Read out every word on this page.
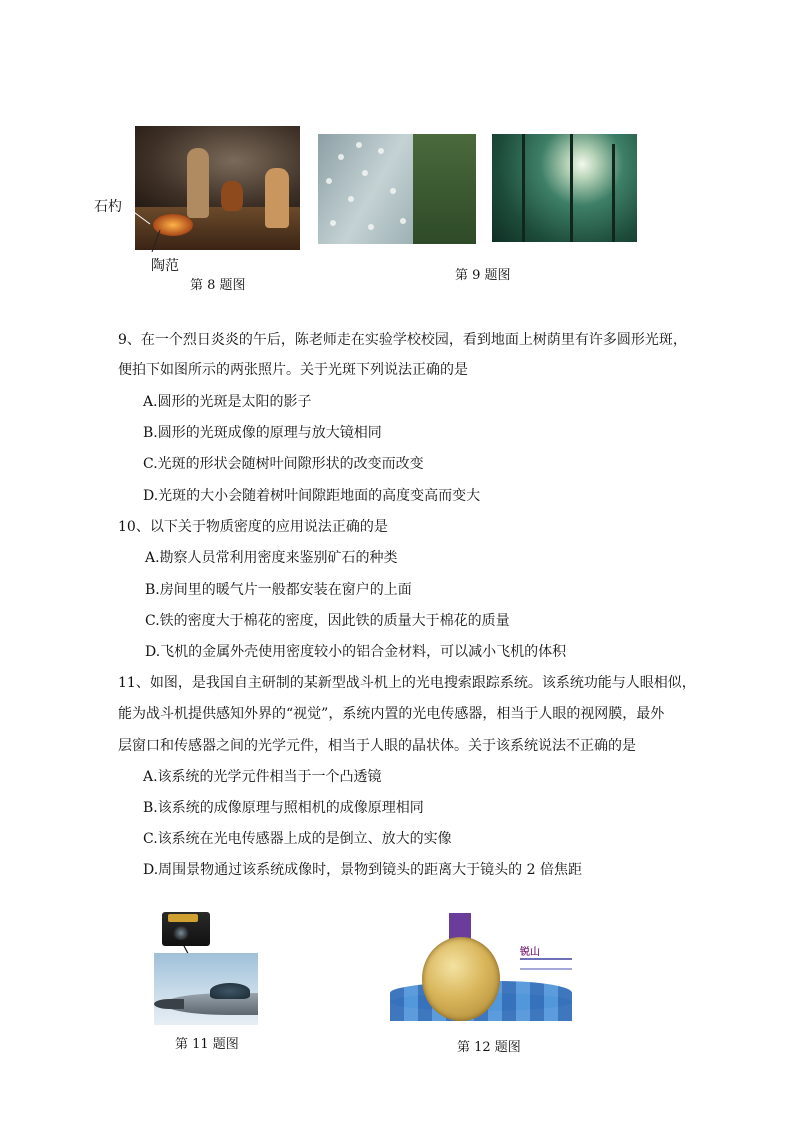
石杓
陶范
第 8 题图
第 9 题图
9、在一个烈日炎炎的午后，陈老师走在实验学校校园，看到地面上树荫里有许多圆形光斑，
便拍下如图所示的两张照片。关于光斑下列说法正确的是
A.圆形的光斑是太阳的影子
B.圆形的光斑成像的原理与放大镜相同
C.光斑的形状会随树叶间隙形状的改变而改变
D.光斑的大小会随着树叶间隙距地面的高度变高而变大
10、以下关于物质密度的应用说法正确的是
A.勘察人员常利用密度来鉴别矿石的种类
B.房间里的暖气片一般都安装在窗户的上面
C.铁的密度大于棉花的密度，因此铁的质量大于棉花的质量
D.飞机的金属外壳使用密度较小的铝合金材料，可以减小飞机的体积
11、如图，是我国自主研制的某新型战斗机上的光电搜索跟踪系统。该系统功能与人眼相似，
能为战斗机提供感知外界的“视觉”，系统内置的光电传感器，相当于人眼的视网膜，最外
层窗口和传感器之间的光学元件，相当于人眼的晶状体。关于该系统说法不正确的是
A.该系统的光学元件相当于一个凸透镜
B.该系统的成像原理与照相机的成像原理相同
C.该系统在光电传感器上成的是倒立、放大的实像
D.周围景物通过该系统成像时，景物到镜头的距离大于镜头的 2 倍焦距
第 11 题图
锐山
第 12 题图
